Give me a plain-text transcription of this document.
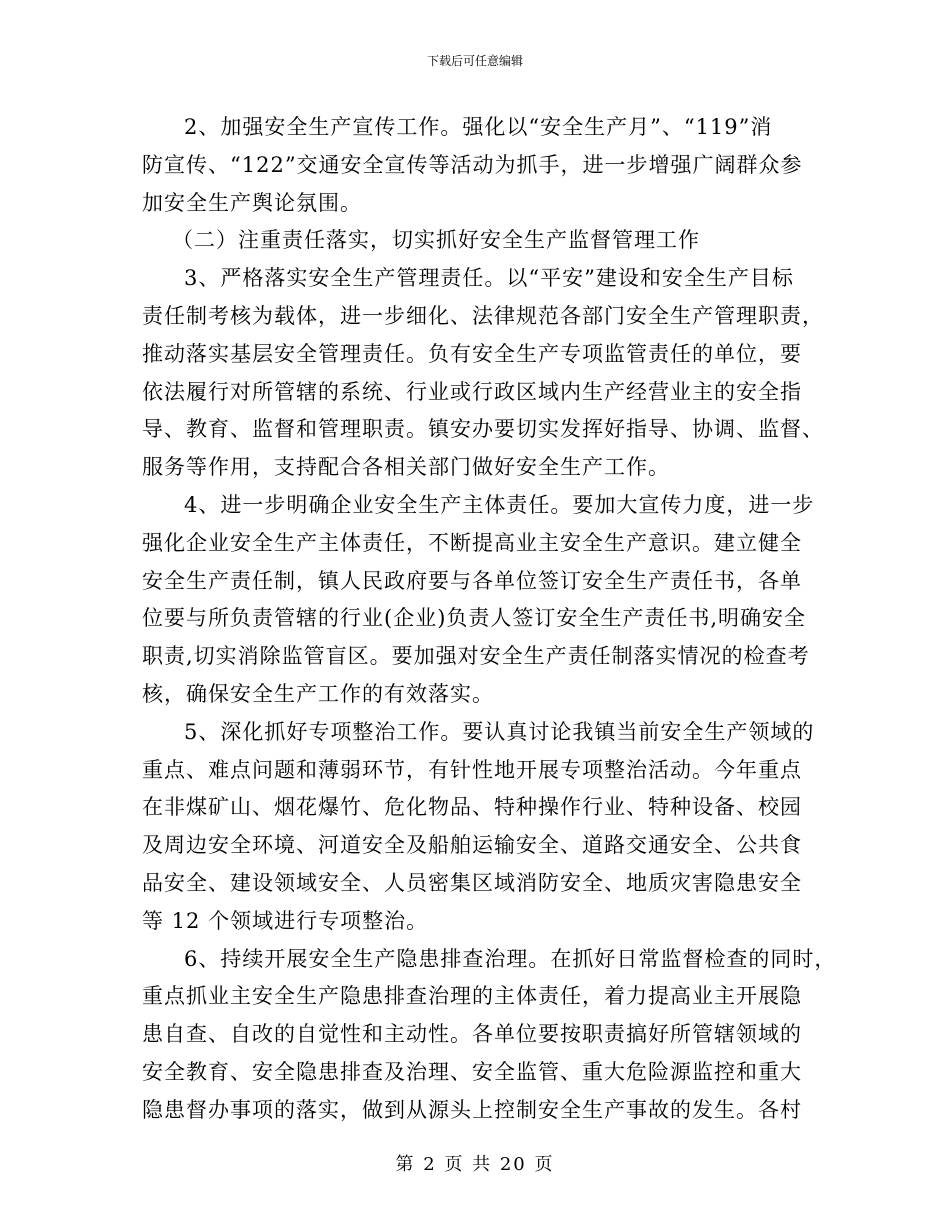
下载后可任意编辑
2、加强安全生产宣传工作。强化以“安全生产月”、“119”消
防宣传、“122”交通安全宣传等活动为抓手，进一步增强广阔群众参
加安全生产舆论氛围。
（二）注重责任落实，切实抓好安全生产监督管理工作
3、严格落实安全生产管理责任。以“平安”建设和安全生产目标
责任制考核为载体，进一步细化、法律规范各部门安全生产管理职责，
推动落实基层安全管理责任。负有安全生产专项监管责任的单位，要
依法履行对所管辖的系统、行业或行政区域内生产经营业主的安全指
导、教育、监督和管理职责。镇安办要切实发挥好指导、协调、监督、
服务等作用，支持配合各相关部门做好安全生产工作。
4、进一步明确企业安全生产主体责任。要加大宣传力度，进一步
强化企业安全生产主体责任，不断提高业主安全生产意识。建立健全
安全生产责任制，镇人民政府要与各单位签订安全生产责任书，各单
位要与所负责管辖的行业(企业)负责人签订安全生产责任书,明确安全
职责,切实消除监管盲区。要加强对安全生产责任制落实情况的检查考
核，确保安全生产工作的有效落实。
5、深化抓好专项整治工作。要认真讨论我镇当前安全生产领域的
重点、难点问题和薄弱环节，有针性地开展专项整治活动。今年重点
在非煤矿山、烟花爆竹、危化物品、特种操作行业、特种设备、校园
及周边安全环境、河道安全及船舶运输安全、道路交通安全、公共食
品安全、建设领域安全、人员密集区域消防安全、地质灾害隐患安全
等 12 个领域进行专项整治。
6、持续开展安全生产隐患排查治理。在抓好日常监督检查的同时，
重点抓业主安全生产隐患排查治理的主体责任，着力提高业主开展隐
患自查、自改的自觉性和主动性。各单位要按职责搞好所管辖领域的
安全教育、安全隐患排查及治理、安全监管、重大危险源监控和重大
隐患督办事项的落实，做到从源头上控制安全生产事故的发生。各村
第 2 页 共 20 页
